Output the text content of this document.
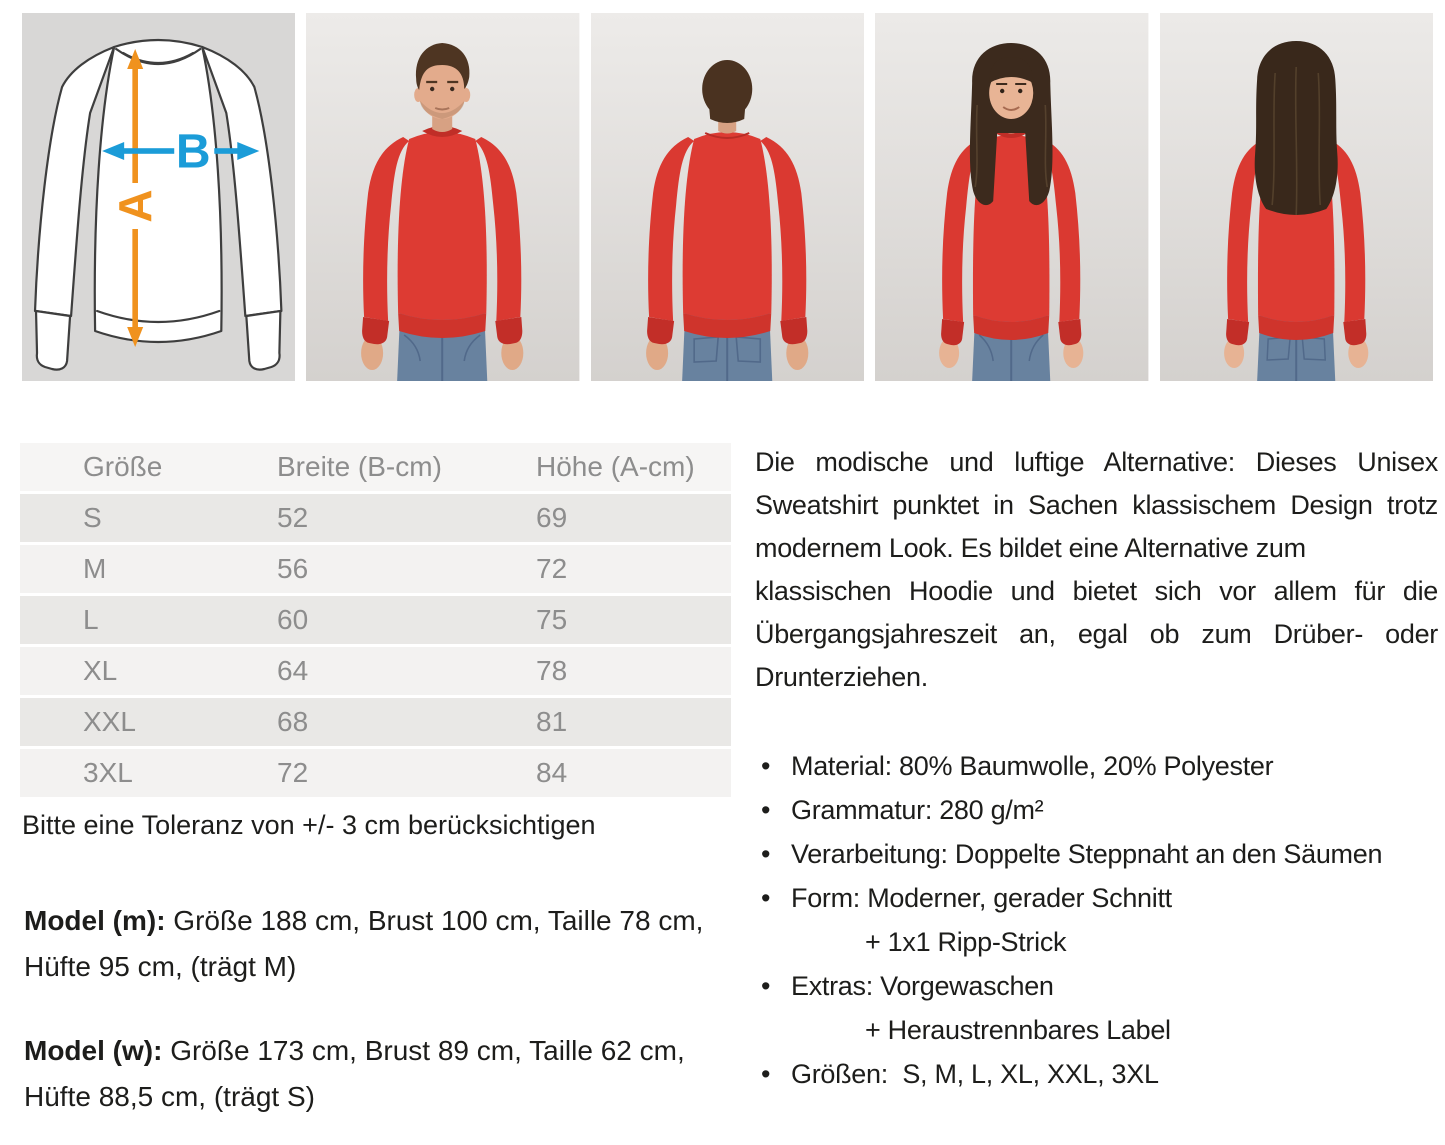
A
B
Größe	Breite (B-cm)	Höhe (A-cm)
S	52	69
M	56	72
L	60	75
XL	64	78
XXL	68	81
3XL	72	84
Bitte eine Toleranz von +/- 3 cm berücksichtigen
Model (m): Größe 188 cm, Brust 100 cm, Taille 78 cm, Hüfte 95 cm, (trägt M)
Model (w): Größe 173 cm, Brust 89 cm, Taille 62 cm, Hüfte 88,5 cm, (trägt S)

Die modische und luftige Alternative: Dieses Unisex Sweatshirt punktet in Sachen klassischem Design trotz modernem Look. Es bildet eine Alternative zum

klassischen Hoodie und bietet sich vor allem für die Übergangsjahreszeit an, egal ob zum Drüber- oder Drunterziehen.

• Material: 80% Baumwolle, 20% Polyester
• Grammatur: 280 g/m²
• Verarbeitung: Doppelte Steppnaht an den Säumen
• Form: Moderner, gerader Schnitt
+ 1x1 Ripp-Strick
• Extras: Vorgewaschen
+ Heraustrennbares Label
• Größen:  S, M, L, XL, XXL, 3XL
